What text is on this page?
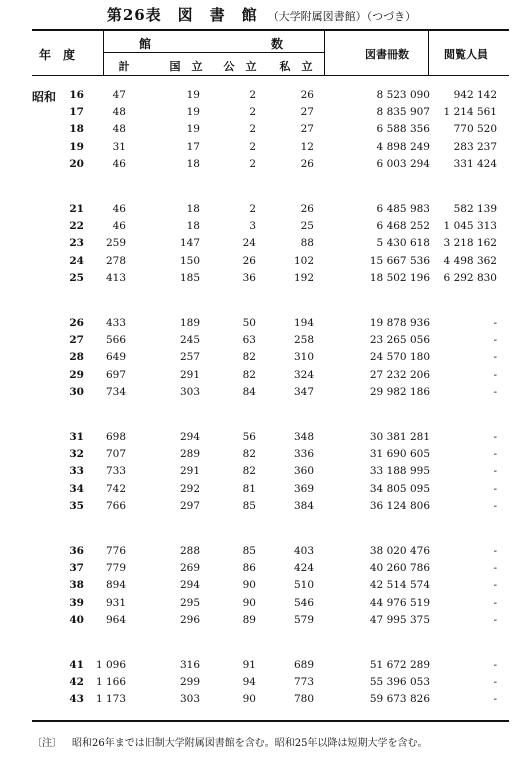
第26表　図　書　館 （大学附属図書館）（つづき）
年　度
館　　　　　　　　　　数
計	国　立	公　立	私　立
図書冊数	閲覧人員
昭和	16	47	19	2	26	8 523 090	942 142
17	48	19	2	27	8 835 907	1 214 561
18	48	19	2	27	6 588 356	770 520
19	31	17	2	12	4 898 249	283 237
20	46	18	2	26	6 003 294	331 424
21	46	18	2	26	6 485 983	582 139
22	46	18	3	25	6 468 252	1 045 313
23	259	147	24	88	5 430 618	3 218 162
24	278	150	26	102	15 667 536	4 498 362
25	413	185	36	192	18 502 196	6 292 830
26	433	189	50	194	19 878 936	-
27	566	245	63	258	23 265 056	-
28	649	257	82	310	24 570 180	-
29	697	291	82	324	27 232 206	-
30	734	303	84	347	29 982 186	-
31	698	294	56	348	30 381 281	-
32	707	289	82	336	31 690 605	-
33	733	291	82	360	33 188 995	-
34	742	292	81	369	34 805 095	-
35	766	297	85	384	36 124 806	-
36	776	288	85	403	38 020 476	-
37	779	269	86	424	40 260 786	-
38	894	294	90	510	42 514 574	-
39	931	295	90	546	44 976 519	-
40	964	296	89	579	47 995 375	-
41	1 096	316	91	689	51 672 289	-
42	1 166	299	94	773	55 396 053	-
43	1 173	303	90	780	59 673 826	-
〔注〕 昭和26年までは旧制大学附属図書館を含む。昭和25年以降は短期大学を含む。
